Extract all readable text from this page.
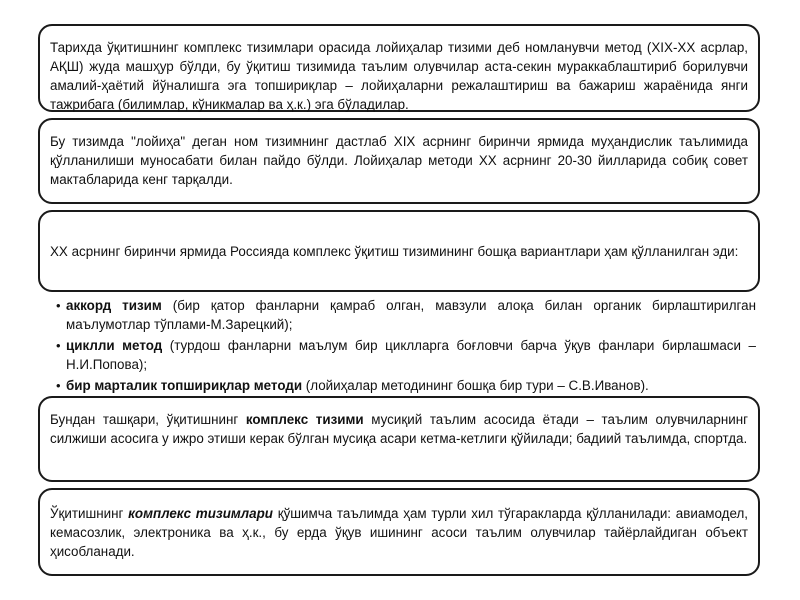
Тарихда ўқитишнинг комплекс тизимлари орасида лойиҳалар тизими деб номланувчи метод (ХIХ-ХХ асрлар, АҚШ) жуда машҳур бўлди, бу ўқитиш тизимида таълим олувчилар аста-секин мураккаблаштириб борилувчи амалий-ҳаётий йўналишга эга топшириқлар – лойиҳаларни режалаштириш ва бажариш жараёнида янги тажрибага (билимлар, кўникмалар ва ҳ.к.) эга бўладилар.

Бу тизимда "лойиҳа" деган ном тизимнинг дастлаб ХIХ асрнинг биринчи ярмида муҳандислик таълимида қўлланилиши муносабати билан пайдо бўлди. Лойиҳалар методи ХХ асрнинг 20-30 йилларида собиқ совет мактабларида кенг тарқалди.

ХХ асрнинг биринчи ярмида Россияда комплекс ўқитиш тизимининг бошқа вариантлари ҳам қўлланилган эди:

• аккорд тизим (бир қатор фанларни қамраб олган, мавзули алоқа билан органик бирлаштирилган маълумотлар тўплами-М.Зарецкий);
• циклли метод (турдош фанларни маълум бир циклларга боғловчи барча ўқув фанлари бирлашмаси – Н.И.Попова);
• бир марталик топшириқлар методи (лойиҳалар методининг бошқа бир тури – С.В.Иванов).

Бундан ташқари, ўқитишнинг комплекс тизими мусиқий таълим асосида ётади – таълим олувчиларнинг силжиши асосига у ижро этиши керак бўлган мусиқа асари кетма-кетлиги қўйилади; бадиий таълимда, спортда.

Ўқитишнинг комплекс тизимлари қўшимча таълимда ҳам турли хил тўгаракларда қўлланилади: авиамодел, кемасозлик, электроника ва ҳ.к., бу ерда ўқув ишининг асоси таълим олувчилар тайёрлайдиган объект ҳисобланади.
